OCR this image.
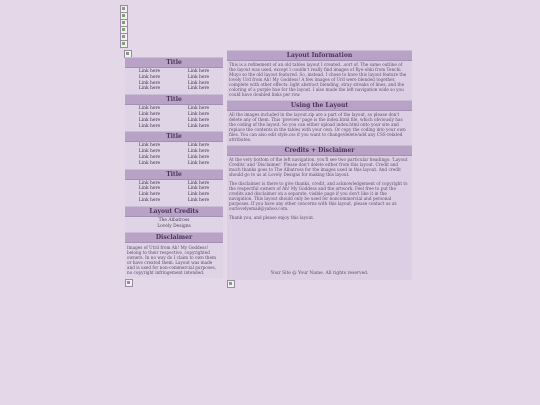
Title
Link here	Link here
Link here	Link here
Link here	Link here
Link here	Link here
Title
Link here	Link here
Link here	Link here
Link here	Link here
Link here	Link here
Title
Link here	Link here
Link here	Link here
Link here	Link here
Link here	Link here
Title
Link here	Link here
Link here	Link here
Link here	Link here
Link here	Link here
Layout Credits
The Albatross
Lovely Designs
Disclaimer
Images of Utril from Ah! My Goddess! belong to their respective, copyrighted owners. In no way do I claim to own them or have created them. Layout was made and is used for non-commercial purposes, no copyright infringement intended.
Layout Information

This is a refinement of an old tables layout I created...sort of. The same outline of the layout was used, except I couldn't really find images of Ryo-ohki from Tenchi Muyo so the old layout featured. So, instead, I chose to have this layout feature the lovely Urd from Ah! My Goddess! A few images of Urd were blended together, complete with other effects: light abstract blending, stray streaks of lines, and the coloring of a purple hue for the layout. I also made the left navigation wide so you could have doubled links per row.

Using the Layout

All the images included in the layout.zip are a part of the layout, so please don't delete any of them. This 'preview' page is the index.html file, which obviously has the coding of the layout. So you can either upload index.html onto your site and replace the contents in the tables with your own. Or copy the coding into your own files. You can also edit style.css if you want to change/delete/add any CSS-related attributes.

Credits + Disclaimer

At the very bottom of the left navigation, you'll see two particular headings: 'Layout Credits' and 'Disclaimer.' Please don't delete either from this layout. Credit and much thanks goes to The Albatross for the images used in this layout. And credit should go to us at Lovely Designs for making this layout.

The disclaimer is there to give thanks, credit, and acknowledgement of copyright to the respectful owners of Ah! My Goddess and the artwork. Feel free to put the credits and disclaimer on a separate, visible page if you don't like it in the navigation. This layout should only be used for noncommercial and personal purposes. If you have any other concerns with this layout, please contact us at: ourlovelyemail@yahoo.com.

Thank you, and please enjoy this layout.

Your Site @ Your Name. All rights reserved.
